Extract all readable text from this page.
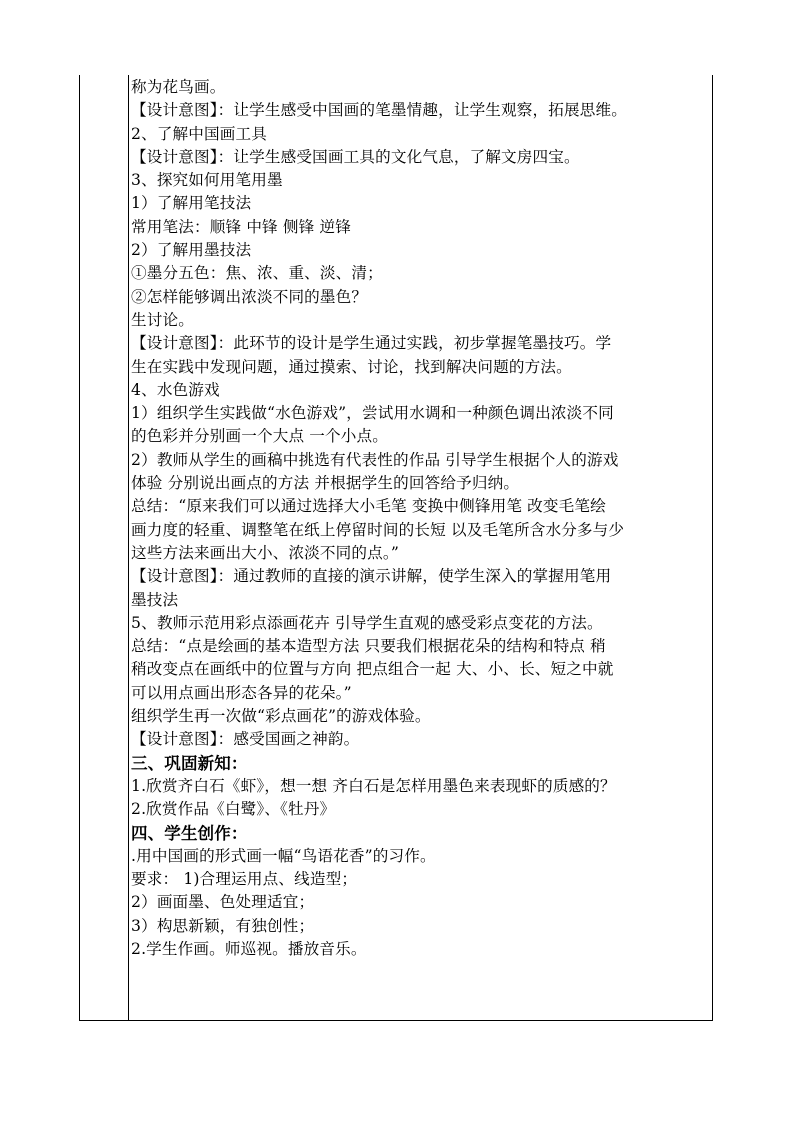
称为花鸟画。
【设计意图】：让学生感受中国画的笔墨情趣，让学生观察，拓展思维。
2、了解中国画工具
【设计意图】：让学生感受国画工具的文化气息，了解文房四宝。
3、探究如何用笔用墨
1）了解用笔技法
常用笔法：顺锋 中锋 侧锋 逆锋
2）了解用墨技法
①墨分五色：焦、浓、重、淡、清；
②怎样能够调出浓淡不同的墨色？
生讨论。
【设计意图】：此环节的设计是学生通过实践，初步掌握笔墨技巧。学
生在实践中发现问题，通过摸索、讨论，找到解决问题的方法。
4、水色游戏
1）组织学生实践做“水色游戏”，尝试用水调和一种颜色调出浓淡不同
的色彩并分别画一个大点 一个小点。
2）教师从学生的画稿中挑选有代表性的作品 引导学生根据个人的游戏
体验 分别说出画点的方法 并根据学生的回答给予归纳。
总结：“原来我们可以通过选择大小毛笔 变换中侧锋用笔 改变毛笔绘
画力度的轻重、调整笔在纸上停留时间的长短 以及毛笔所含水分多与少
这些方法来画出大小、浓淡不同的点。”
【设计意图】：通过教师的直接的演示讲解，使学生深入的掌握用笔用
墨技法
5、教师示范用彩点添画花卉 引导学生直观的感受彩点变花的方法。
总结：“点是绘画的基本造型方法 只要我们根据花朵的结构和特点 稍
稍改变点在画纸中的位置与方向 把点组合一起 大、小、长、短之中就
可以用点画出形态各异的花朵。”
组织学生再一次做“彩点画花”的游戏体验。
【设计意图】：感受国画之神韵。
三、巩固新知：
1.欣赏齐白石《虾》，想一想 齐白石是怎样用墨色来表现虾的质感的？
2.欣赏作品《白鹭》、《牡丹》
四、学生创作：
.用中国画的形式画一幅“鸟语花香”的习作。
要求： 1)合理运用点、线造型；
2）画面墨、色处理适宜；
3）构思新颖，有独创性；
2.学生作画。师巡视。播放音乐。
